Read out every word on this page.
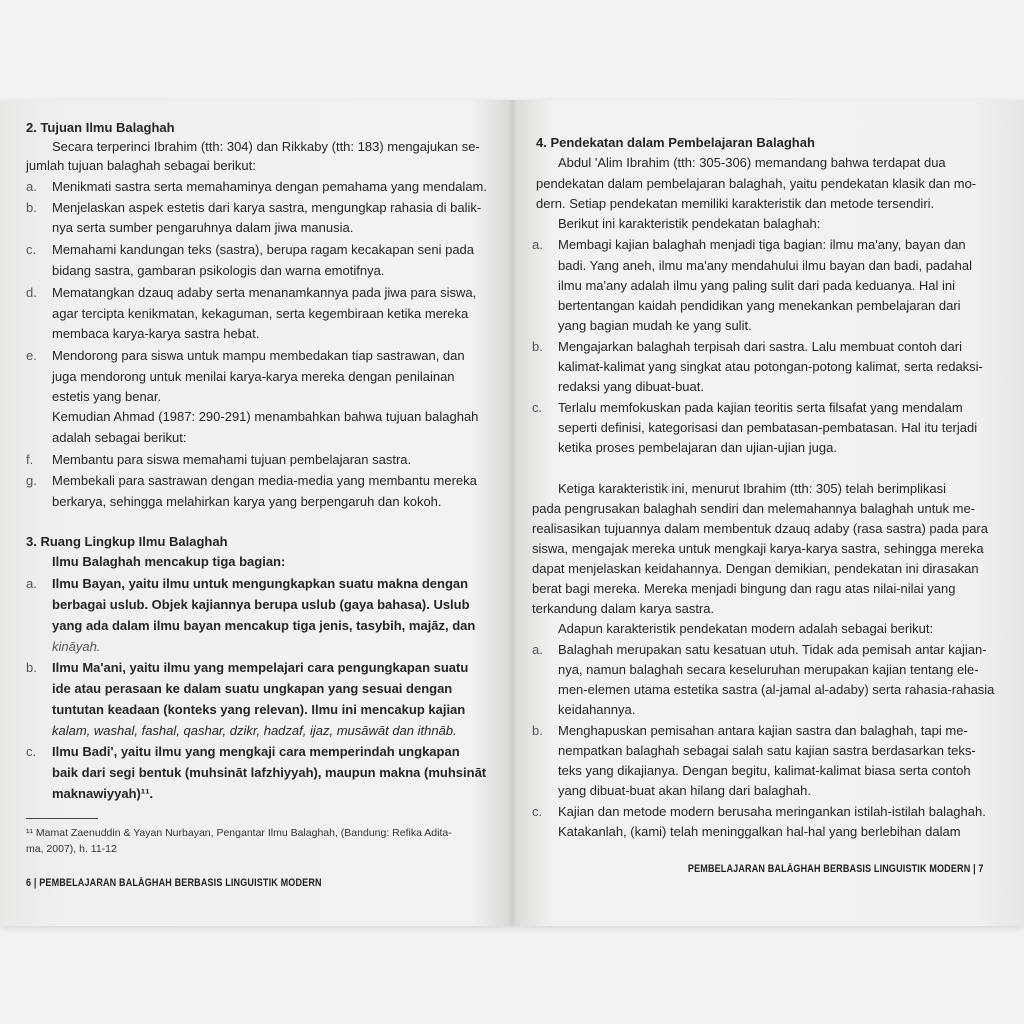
2. Tujuan Ilmu Balaghah
Secara terperinci Ibrahim (tth: 304) dan Rikkaby (tth: 183) mengajukan se-
jumlah tujuan balaghah sebagai berikut:
a. Menikmati sastra serta memahaminya dengan pemahama yang mendalam.
b. Menjelaskan aspek estetis dari karya sastra, mengungkap rahasia di balik-
nya serta sumber pengaruhnya dalam jiwa manusia.
c. Memahami kandungan teks (sastra), berupa ragam kecakapan seni pada
bidang sastra, gambaran psikologis dan warna emotifnya.
d. Mematangkan dzauq adaby serta menanamkannya pada jiwa para siswa,
agar tercipta kenikmatan, kekaguman, serta kegembiraan ketika mereka
membaca karya-karya sastra hebat.
e. Mendorong para siswa untuk mampu membedakan tiap sastrawan, dan
juga mendorong untuk menilai karya-karya mereka dengan penilainan
estetis yang benar.
Kemudian Ahmad (1987: 290-291) menambahkan bahwa tujuan balaghah
adalah sebagai berikut:
f. Membantu para siswa memahami tujuan pembelajaran sastra.
g. Membekali para sastrawan dengan media-media yang membantu mereka
berkarya, sehingga melahirkan karya yang berpengaruh dan kokoh.
3. Ruang Lingkup Ilmu Balaghah
Ilmu Balaghah mencakup tiga bagian:
a. Ilmu Bayan, yaitu ilmu untuk mengungkapkan suatu makna dengan
berbagai uslub. Objek kajiannya berupa uslub (gaya bahasa). Uslub
yang ada dalam ilmu bayan mencakup tiga jenis, tasybih, majāz, dan
kināyah.
b. Ilmu Ma'ani, yaitu ilmu yang mempelajari cara pengungkapan suatu
ide atau perasaan ke dalam suatu ungkapan yang sesuai dengan
tuntutan keadaan (konteks yang relevan). Ilmu ini mencakup kajian
kalam, washal, fashal, qashar, dzikr, hadzaf, ijaz, musāwāt dan ithnāb.
c. Ilmu Badi', yaitu ilmu yang mengkaji cara memperindah ungkapan
baik dari segi bentuk (muhsināt lafzhiyyah), maupun makna (muhsināt
maknawiyyah)¹¹.
¹¹ Mamat Zaenuddin & Yayan Nurbayan, Pengantar Ilmu Balaghah, (Bandung: Refika Adita-
ma, 2007), h. 11-12
6 | PEMBELAJARAN BALĀGHAH BERBASIS LINGUISTIK MODERN
4. Pendekatan dalam Pembelajaran Balaghah
Abdul 'Alim Ibrahim (tth: 305-306) memandang bahwa terdapat dua
pendekatan dalam pembelajaran balaghah, yaitu pendekatan klasik dan mo-
dern. Setiap pendekatan memiliki karakteristik dan metode tersendiri.
Berikut ini karakteristik pendekatan balaghah:
a. Membagi kajian balaghah menjadi tiga bagian: ilmu ma'any, bayan dan
badi. Yang aneh, ilmu ma'any mendahului ilmu bayan dan badi, padahal
ilmu ma'any adalah ilmu yang paling sulit dari pada keduanya. Hal ini
bertentangan kaidah pendidikan yang menekankan pembelajaran dari
yang bagian mudah ke yang sulit.
b. Mengajarkan balaghah terpisah dari sastra. Lalu membuat contoh dari
kalimat-kalimat yang singkat atau potongan-potong kalimat, serta redaksi-
redaksi yang dibuat-buat.
c. Terlalu memfokuskan pada kajian teoritis serta filsafat yang mendalam
seperti definisi, kategorisasi dan pembatasan-pembatasan. Hal itu terjadi
ketika proses pembelajaran dan ujian-ujian juga.
Ketiga karakteristik ini, menurut Ibrahim (tth: 305) telah berimplikasi
pada pengrusakan balaghah sendiri dan melemahannya balaghah untuk me-
realisasikan tujuannya dalam membentuk dzauq adaby (rasa sastra) pada para
siswa, mengajak mereka untuk mengkaji karya-karya sastra, sehingga mereka
dapat menjelaskan keidahannya. Dengan demikian, pendekatan ini dirasakan
berat bagi mereka. Mereka menjadi bingung dan ragu atas nilai-nilai yang
terkandung dalam karya sastra.
Adapun karakteristik pendekatan modern adalah sebagai berikut:
a. Balaghah merupakan satu kesatuan utuh. Tidak ada pemisah antar kajian-
nya, namun balaghah secara keseluruhan merupakan kajian tentang ele-
men-elemen utama estetika sastra (al-jamal al-adaby) serta rahasia-rahasia
keidahannya.
b. Menghapuskan pemisahan antara kajian sastra dan balaghah, tapi me-
nempatkan balaghah sebagai salah satu kajian sastra berdasarkan teks-
teks yang dikajianya. Dengan begitu, kalimat-kalimat biasa serta contoh
yang dibuat-buat akan hilang dari balaghah.
c. Kajian dan metode modern berusaha meringankan istilah-istilah balaghah.
Katakanlah, (kami) telah meninggalkan hal-hal yang berlebihan dalam
PEMBELAJARAN BALĀGHAH BERBASIS LINGUISTIK MODERN | 7
